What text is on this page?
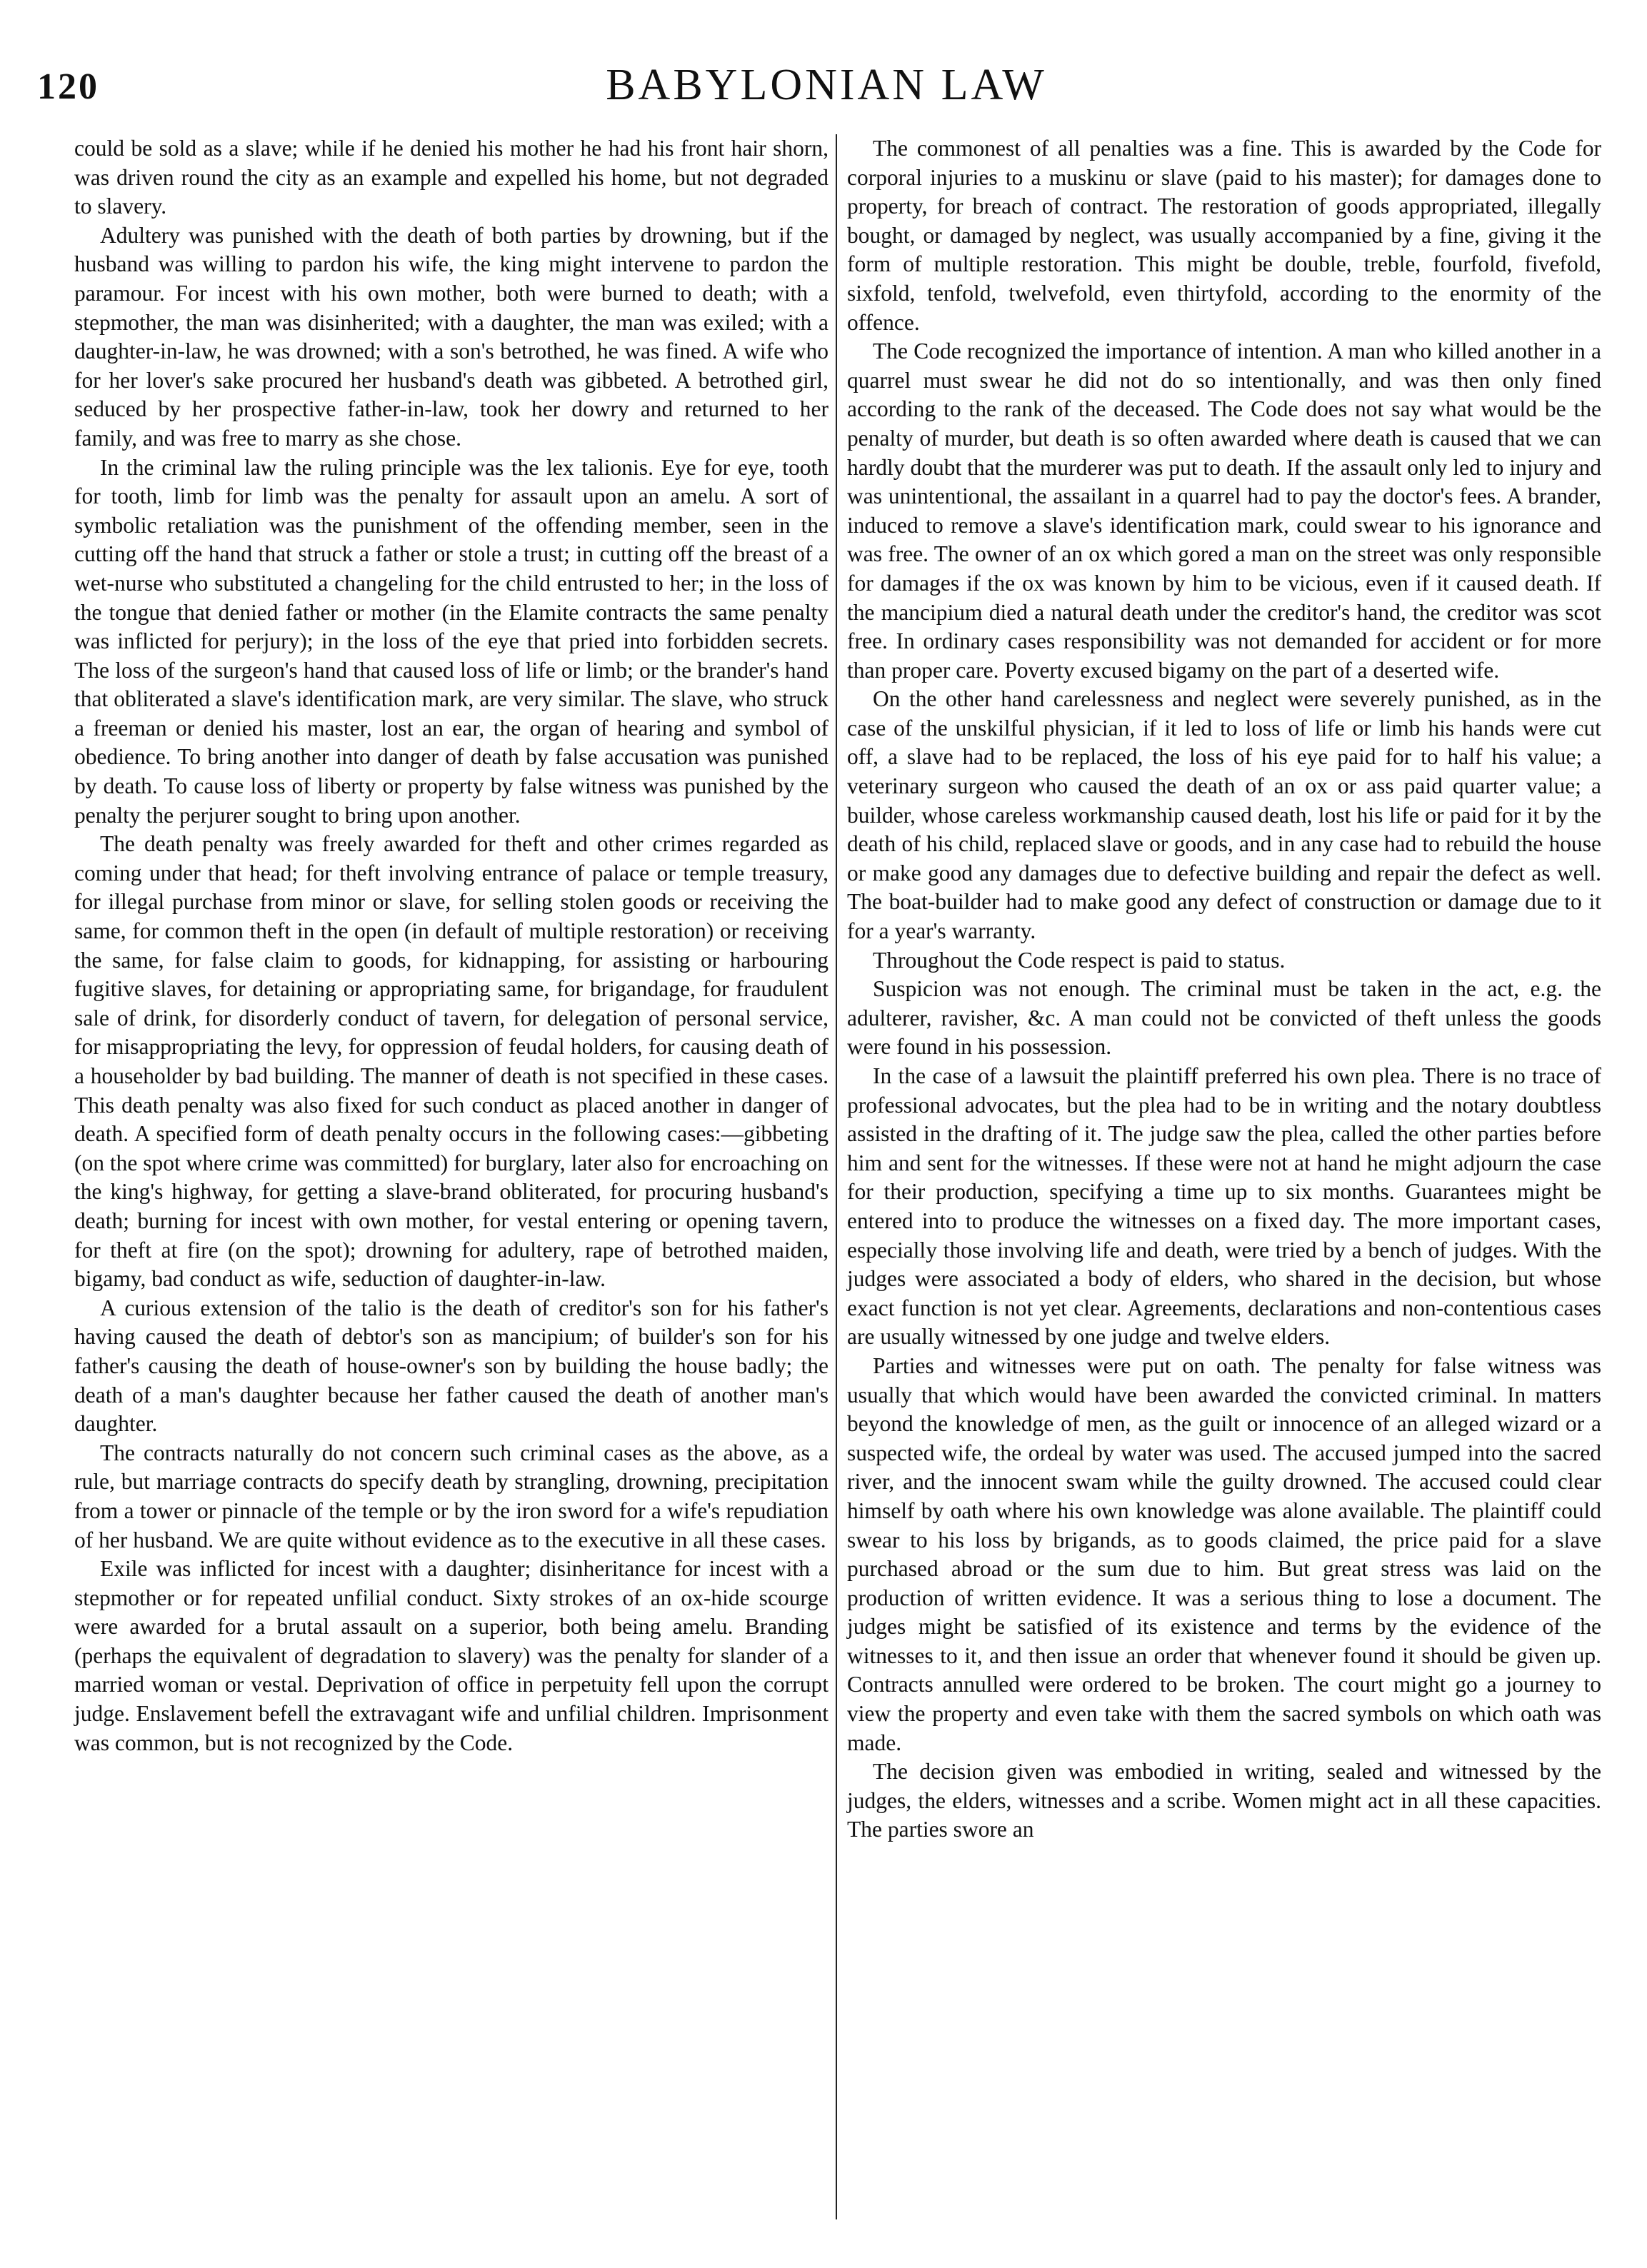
120	BABYLONIAN LAW

could be sold as a slave; while if he denied his mother he had his front hair shorn, was driven round the city as an example and expelled his home, but not degraded to slavery.

Adultery was punished with the death of both parties by drowning, but if the husband was willing to pardon his wife, the king might intervene to pardon the paramour. For incest with his own mother, both were burned to death; with a stepmother, the man was disinherited; with a daughter, the man was exiled; with a daughter-in-law, he was drowned; with a son's betrothed, he was fined. A wife who for her lover's sake procured her husband's death was gibbeted. A betrothed girl, seduced by her prospective father-in-law, took her dowry and returned to her family, and was free to marry as she chose.

In the criminal law the ruling principle was the lex talionis. Eye for eye, tooth for tooth, limb for limb was the penalty for assault upon an amelu. A sort of symbolic retaliation was the punishment of the offending member, seen in the cutting off the hand that struck a father or stole a trust; in cutting off the breast of a wet-nurse who substituted a changeling for the child entrusted to her; in the loss of the tongue that denied father or mother (in the Elamite contracts the same penalty was inflicted for perjury); in the loss of the eye that pried into forbidden secrets. The loss of the surgeon's hand that caused loss of life or limb; or the brander's hand that obliterated a slave's identification mark, are very similar. The slave, who struck a freeman or denied his master, lost an ear, the organ of hearing and symbol of obedience. To bring another into danger of death by false accusation was punished by death. To cause loss of liberty or property by false witness was punished by the penalty the perjurer sought to bring upon another.

The death penalty was freely awarded for theft and other crimes regarded as coming under that head; for theft involving entrance of palace or temple treasury, for illegal purchase from minor or slave, for selling stolen goods or receiving the same, for common theft in the open (in default of multiple restoration) or receiving the same, for false claim to goods, for kidnapping, for assisting or harbouring fugitive slaves, for detaining or appropriating same, for brigandage, for fraudulent sale of drink, for disorderly conduct of tavern, for delegation of personal service, for misappropriating the levy, for oppression of feudal holders, for causing death of a householder by bad building. The manner of death is not specified in these cases. This death penalty was also fixed for such conduct as placed another in danger of death. A specified form of death penalty occurs in the following cases:—gibbeting (on the spot where crime was committed) for burglary, later also for encroaching on the king's highway, for getting a slave-brand obliterated, for procuring husband's death; burning for incest with own mother, for vestal entering or opening tavern, for theft at fire (on the spot); drowning for adultery, rape of betrothed maiden, bigamy, bad conduct as wife, seduction of daughter-in-law.

A curious extension of the talio is the death of creditor's son for his father's having caused the death of debtor's son as mancipium; of builder's son for his father's causing the death of house-owner's son by building the house badly; the death of a man's daughter because her father caused the death of another man's daughter.

The contracts naturally do not concern such criminal cases as the above, as a rule, but marriage contracts do specify death by strangling, drowning, precipitation from a tower or pinnacle of the temple or by the iron sword for a wife's repudiation of her husband. We are quite without evidence as to the executive in all these cases.

Exile was inflicted for incest with a daughter; disinheritance for incest with a stepmother or for repeated unfilial conduct. Sixty strokes of an ox-hide scourge were awarded for a brutal assault on a superior, both being amelu. Branding (perhaps the equivalent of degradation to slavery) was the penalty for slander of a married woman or vestal. Deprivation of office in perpetuity fell upon the corrupt judge. Enslavement befell the extravagant wife and unfilial children. Imprisonment was common, but is not recognized by the Code.

The commonest of all penalties was a fine. This is awarded by the Code for corporal injuries to a muskinu or slave (paid to his master); for damages done to property, for breach of contract. The restoration of goods appropriated, illegally bought, or damaged by neglect, was usually accompanied by a fine, giving it the form of multiple restoration. This might be double, treble, fourfold, fivefold, sixfold, tenfold, twelvefold, even thirtyfold, according to the enormity of the offence.

The Code recognized the importance of intention. A man who killed another in a quarrel must swear he did not do so intentionally, and was then only fined according to the rank of the deceased. The Code does not say what would be the penalty of murder, but death is so often awarded where death is caused that we can hardly doubt that the murderer was put to death. If the assault only led to injury and was unintentional, the assailant in a quarrel had to pay the doctor's fees. A brander, induced to remove a slave's identification mark, could swear to his ignorance and was free. The owner of an ox which gored a man on the street was only responsible for damages if the ox was known by him to be vicious, even if it caused death. If the mancipium died a natural death under the creditor's hand, the creditor was scot free. In ordinary cases responsibility was not demanded for accident or for more than proper care. Poverty excused bigamy on the part of a deserted wife.

On the other hand carelessness and neglect were severely punished, as in the case of the unskilful physician, if it led to loss of life or limb his hands were cut off, a slave had to be replaced, the loss of his eye paid for to half his value; a veterinary surgeon who caused the death of an ox or ass paid quarter value; a builder, whose careless workmanship caused death, lost his life or paid for it by the death of his child, replaced slave or goods, and in any case had to rebuild the house or make good any damages due to defective building and repair the defect as well. The boat-builder had to make good any defect of construction or damage due to it for a year's warranty.

Throughout the Code respect is paid to status.

Suspicion was not enough. The criminal must be taken in the act, e.g. the adulterer, ravisher, &c. A man could not be convicted of theft unless the goods were found in his possession.

In the case of a lawsuit the plaintiff preferred his own plea. There is no trace of professional advocates, but the plea had to be in writing and the notary doubtless assisted in the drafting of it. The judge saw the plea, called the other parties before him and sent for the witnesses. If these were not at hand he might adjourn the case for their production, specifying a time up to six months. Guarantees might be entered into to produce the witnesses on a fixed day. The more important cases, especially those involving life and death, were tried by a bench of judges. With the judges were associated a body of elders, who shared in the decision, but whose exact function is not yet clear. Agreements, declarations and non-contentious cases are usually witnessed by one judge and twelve elders.

Parties and witnesses were put on oath. The penalty for false witness was usually that which would have been awarded the convicted criminal. In matters beyond the knowledge of men, as the guilt or innocence of an alleged wizard or a suspected wife, the ordeal by water was used. The accused jumped into the sacred river, and the innocent swam while the guilty drowned. The accused could clear himself by oath where his own knowledge was alone available. The plaintiff could swear to his loss by brigands, as to goods claimed, the price paid for a slave purchased abroad or the sum due to him. But great stress was laid on the production of written evidence. It was a serious thing to lose a document. The judges might be satisfied of its existence and terms by the evidence of the witnesses to it, and then issue an order that whenever found it should be given up. Contracts annulled were ordered to be broken. The court might go a journey to view the property and even take with them the sacred symbols on which oath was made.

The decision given was embodied in writing, sealed and witnessed by the judges, the elders, witnesses and a scribe. Women might act in all these capacities. The parties swore an
